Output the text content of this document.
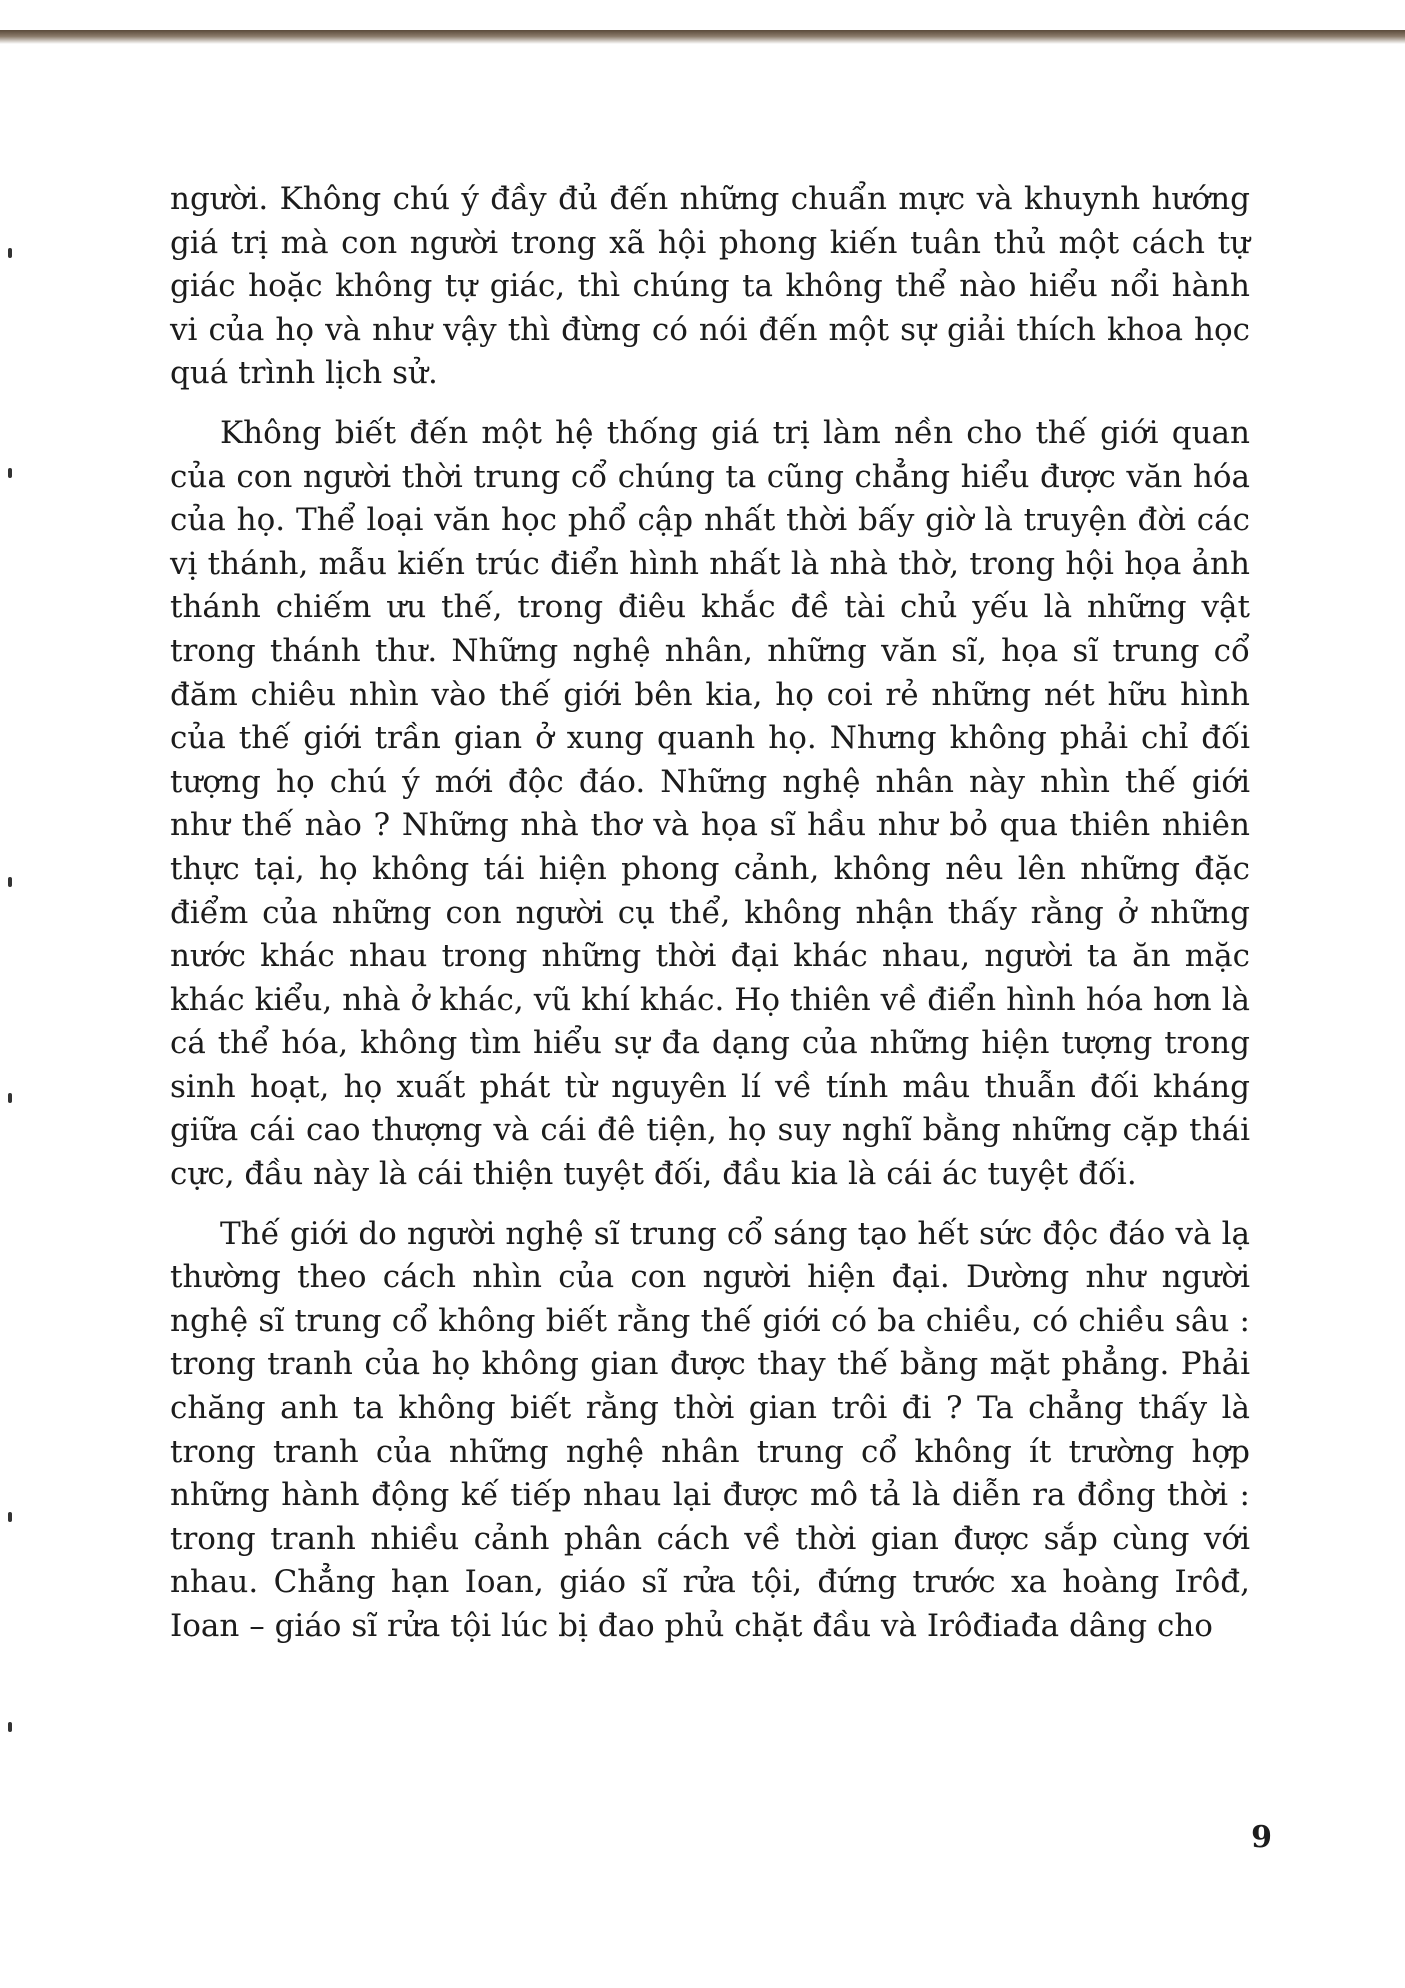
người. Không chú ý đầy đủ đến những chuẩn mực và khuynh hướng giá trị mà con người trong xã hội phong kiến tuân thủ một cách tự giác hoặc không tự giác, thì chúng ta không thể nào hiểu nổi hành vi của họ và như vậy thì đừng có nói đến một sự giải thích khoa học quá trình lịch sử.

Không biết đến một hệ thống giá trị làm nền cho thế giới quan của con người thời trung cổ chúng ta cũng chẳng hiểu được văn hóa của họ. Thể loại văn học phổ cập nhất thời bấy giờ là truyện đời các vị thánh, mẫu kiến trúc điển hình nhất là nhà thờ, trong hội họa ảnh thánh chiếm ưu thế, trong điêu khắc đề tài chủ yếu là những vật trong thánh thư. Những nghệ nhân, những văn sĩ, họa sĩ trung cổ đăm chiêu nhìn vào thế giới bên kia, họ coi rẻ những nét hữu hình của thế giới trần gian ở xung quanh họ. Nhưng không phải chỉ đối tượng họ chú ý mới độc đáo. Những nghệ nhân này nhìn thế giới như thế nào ? Những nhà thơ và họa sĩ hầu như bỏ qua thiên nhiên thực tại, họ không tái hiện phong cảnh, không nêu lên những đặc điểm của những con người cụ thể, không nhận thấy rằng ở những nước khác nhau trong những thời đại khác nhau, người ta ăn mặc khác kiểu, nhà ở khác, vũ khí khác. Họ thiên về điển hình hóa hơn là cá thể hóa, không tìm hiểu sự đa dạng của những hiện tượng trong sinh hoạt, họ xuất phát từ nguyên lí về tính mâu thuẫn đối kháng giữa cái cao thượng và cái đê tiện, họ suy nghĩ bằng những cặp thái cực, đầu này là cái thiện tuyệt đối, đầu kia là cái ác tuyệt đối.

Thế giới do người nghệ sĩ trung cổ sáng tạo hết sức độc đáo và lạ thường theo cách nhìn của con người hiện đại. Dường như người nghệ sĩ trung cổ không biết rằng thế giới có ba chiều, có chiều sâu : trong tranh của họ không gian được thay thế bằng mặt phẳng. Phải chăng anh ta không biết rằng thời gian trôi đi ? Ta chẳng thấy là trong tranh của những nghệ nhân trung cổ không ít trường hợp những hành động kế tiếp nhau lại được mô tả là diễn ra đồng thời : trong tranh nhiều cảnh phân cách về thời gian được sắp cùng với nhau. Chẳng hạn Ioan, giáo sĩ rửa tội, đứng trước xa hoàng Irôđ, Ioan – giáo sĩ rửa tội lúc bị đao phủ chặt đầu và Irôđiađa dâng cho

9
